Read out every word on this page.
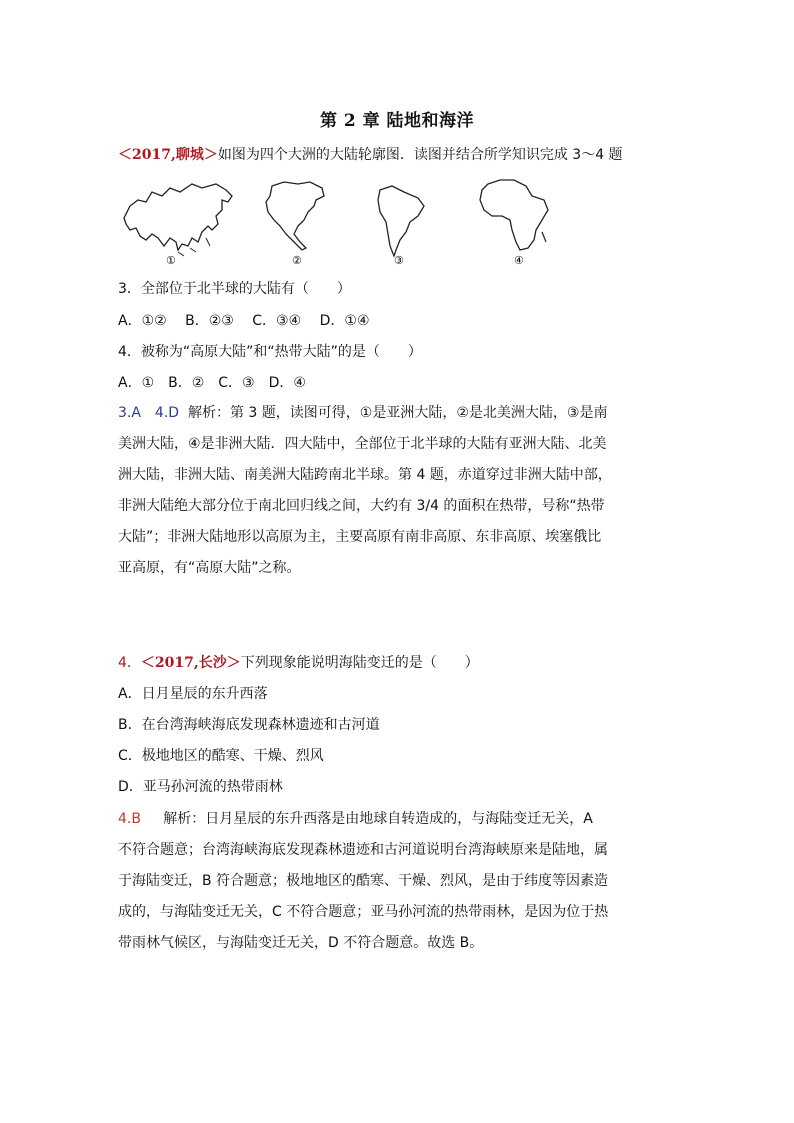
第 2 章 陆地和海洋
＜2017,聊城＞如图为四个大洲的大陆轮廓图．读图并结合所学知识完成 3～4 题
①	②	③	④
3．全部位于北半球的大陆有（　　）
A．①②　 B．②③　 C．③④　 D．①④
4．被称为“高原大陆”和“热带大陆”的是（　　）
A．①　B．②　C．③　D．④
3.A　4.D 解析：第 3 题，读图可得，①是亚洲大陆，②是北美洲大陆，③是南
美洲大陆，④是非洲大陆．四大陆中，全部位于北半球的大陆有亚洲大陆、北美
洲大陆，非洲大陆、南美洲大陆跨南北半球。第 4 题，赤道穿过非洲大陆中部，
非洲大陆绝大部分位于南北回归线之间，大约有 3/4 的面积在热带，号称“热带
大陆”；非洲大陆地形以高原为主，主要高原有南非高原、东非高原、埃塞俄比
亚高原，有“高原大陆”之称。
4．＜2017,长沙＞下列现象能说明海陆变迁的是（　　）
A．日月星辰的东升西落
B．在台湾海峡海底发现森林遗迹和古河道
C．极地地区的酷寒、干燥、烈风
D．亚马孙河流的热带雨林
4.B 解析：日月星辰的东升西落是由地球自转造成的，与海陆变迁无关，A
不符合题意；台湾海峡海底发现森林遗迹和古河道说明台湾海峡原来是陆地，属
于海陆变迁，B 符合题意；极地地区的酷寒、干燥、烈风，是由于纬度等因素造
成的，与海陆变迁无关，C 不符合题意；亚马孙河流的热带雨林，是因为位于热
带雨林气候区，与海陆变迁无关，D 不符合题意。故选 B。
